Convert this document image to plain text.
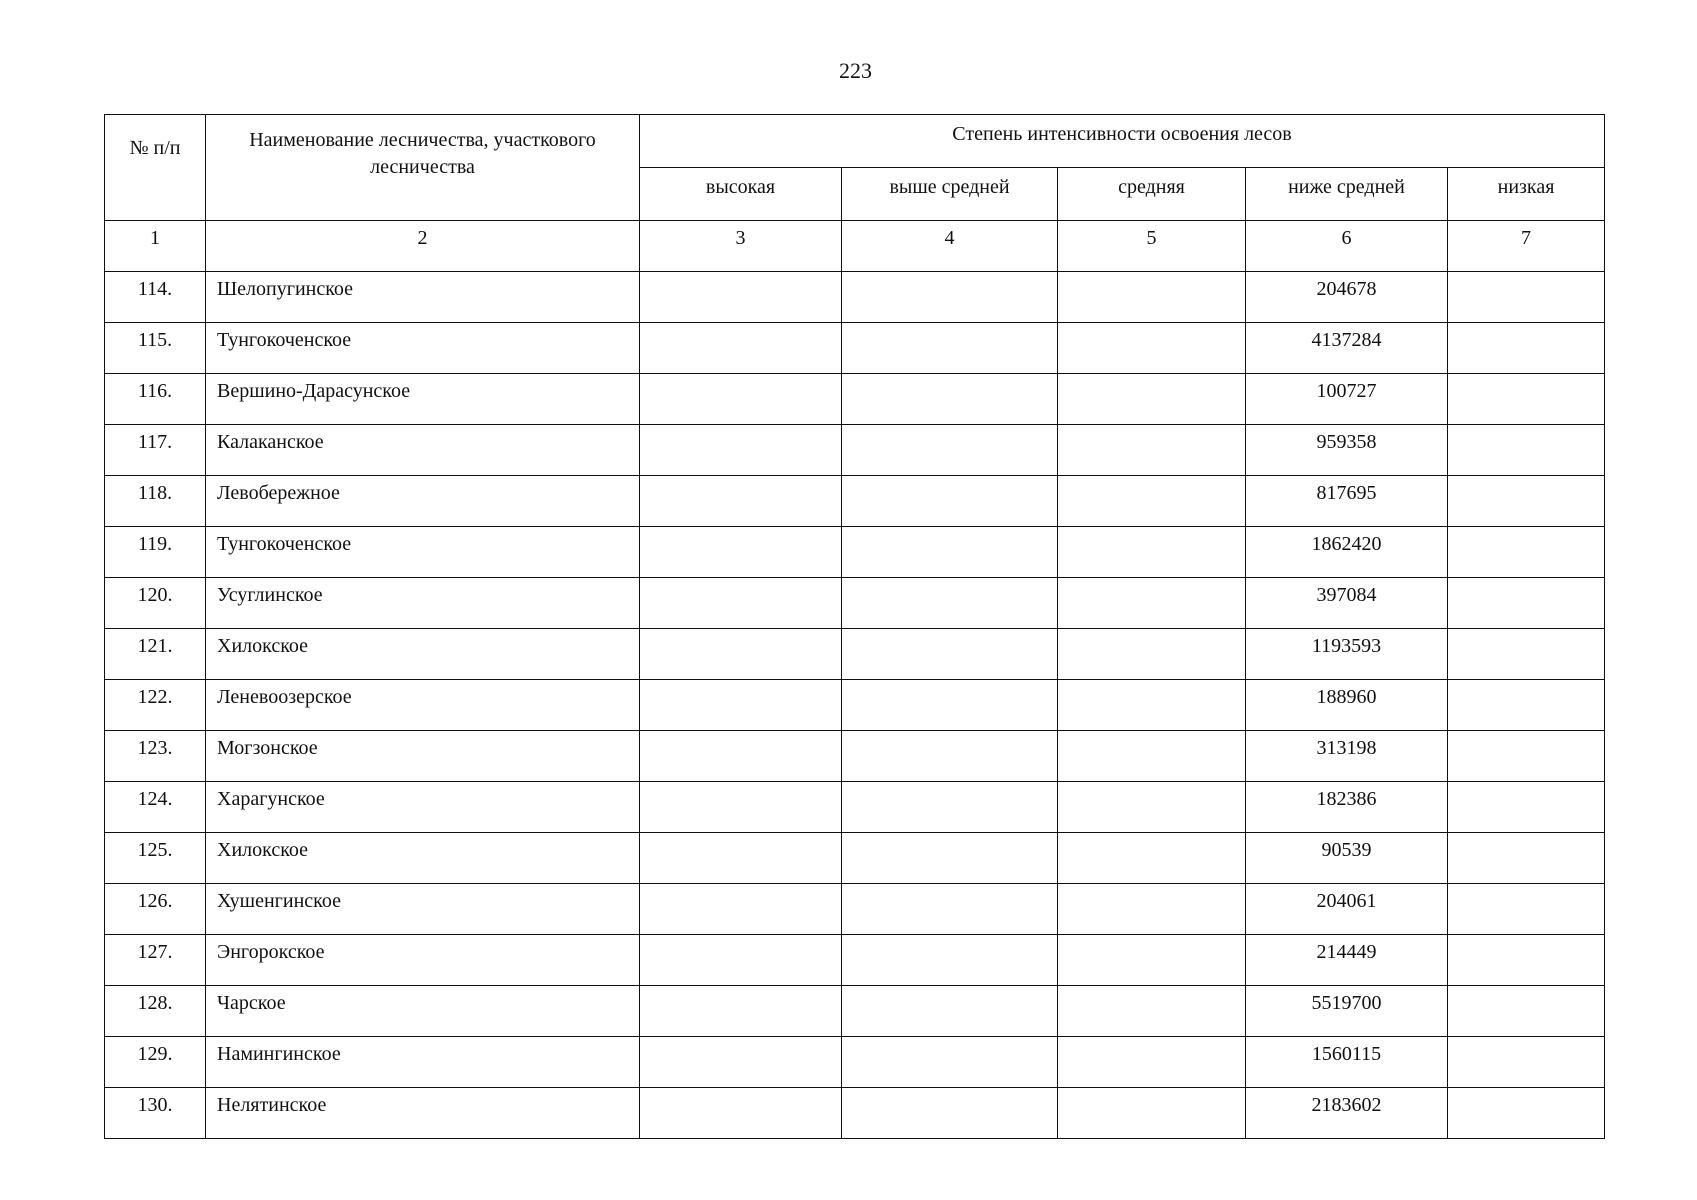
223
№ п/п	Наименование лесничества, участкового лесничества	Степень интенсивности освоения лесов				
		высокая	выше средней	средняя	ниже средней	низкая
1	2	3	4	5	6	7
114.	Шелопугинское				204678	
115.	Тунгокоченское				4137284	
116.	Вершино-Дарасунское				100727	
117.	Калаканское				959358	
118.	Левобережное				817695	
119.	Тунгокоченское				1862420	
120.	Усуглинское				397084	
121.	Хилокское				1193593	
122.	Леневоозерское				188960	
123.	Могзонское				313198	
124.	Харагунское				182386	
125.	Хилокское				90539	
126.	Хушенгинское				204061	
127.	Энгорокское				214449	
128.	Чарское				5519700	
129.	Намингинское				1560115	
130.	Нелятинское				2183602	
